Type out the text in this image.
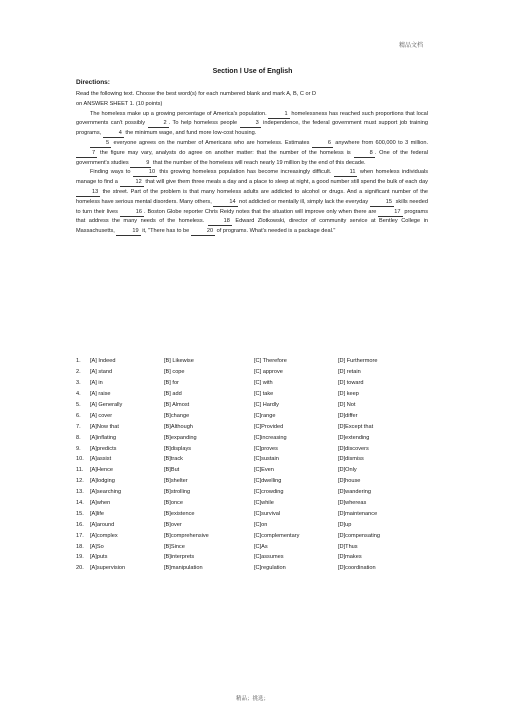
精品文档
Section Ⅰ Use of English
Directions:

Read the following text. Choose the best word(s) for each numbered blank and mark A, B, C or D

on ANSWER SHEET 1. (10 points)

The homeless make up a growing percentage of America's population.	1 homelessness has reached such proportions that local governments can't possibly	2 . To help homeless people	3 independence, the federal government must support job training programs,	4 the minimum wage, and fund more low-cost housing.

5 everyone agrees on the number of Americans who are homeless. Estimates	6 anywhere from 600,000 to 3 million. 7 the figure may vary, analysts do agree on another matter: that the number of the homeless is	8 . One of the federal government's studies	9 that the number of the homeless will reach nearly 19 million by the end of this decade.

Finding ways to	10 this growing homeless population has become increasingly difficult.	11 when homeless individuals manage to find a	12 that will give them three meals a day and a place to sleep at night, a good number still spend the bulk of each day 13 the street. Part of the problem is that many homeless adults are addicted to alcohol or drugs. And a significant number of the homeless have serious mental disorders. Many others,	14 not addicted or mentally ill, simply lack the everyday	15 skills needed to turn their lives	16 . Boston Globe reporter Chris Reidy notes that the situation will improve only when there are	17 programs that address the many needs of the homeless.	18 Edward Zlotkowski, director of community service at Bentley College in Massachusetts,	19 it, "There has to be	20 of programs. What's needed is a package deal."

1.	[A] Indeed	[B] Likewise	[C] Therefore	[D] Furthermore
2.	[A] stand	[B] cope	[C] approve	[D] retain
3.	[A] in	[B] for	[C] with	[D] toward
4.	[A] raise	[B] add	[C] take	[D] keep
5.	[A] Generally	[B] Almost	[C] Hardly	[D] Not
6.	[A] cover	[B]change	[C]range	[D]differ
7.	[A]Now that	[B]Although	[C]Provided	[D]Except that
8.	[A]inflating	[B]expanding	[C]increasing	[D]extending
9.	[A]predicts	[B]displays	[C]proves	[D]discovers
10.	[A]assist	[B]track	[C]sustain	[D]dismiss
11.	[A]Hence	[B]But	[C]Even	[D]Only
12.	[A]lodging	[B]shelter	[C]dwelling	[D]house
13.	[A]searching	[B]strolling	[C]crowding	[D]wandering
14.	[A]when	[B]once	[C]while	[D]whereas
15.	[A]life	[B]existence	[C]survival	[D]maintenance
16.	[A]around	[B]over	[C]on	[D]up
17.	[A]complex	[B]comprehensive	[C]complementary	[D]compensating
18.	[A]So	[B]Since	[C]As	[D]Thus
19.	[A]puts	[B]interprets	[C]assumes	[D]makes
20.	[A]supervision	[B]manipulation	[C]regulation	[D]coordination
精品；挑选；
